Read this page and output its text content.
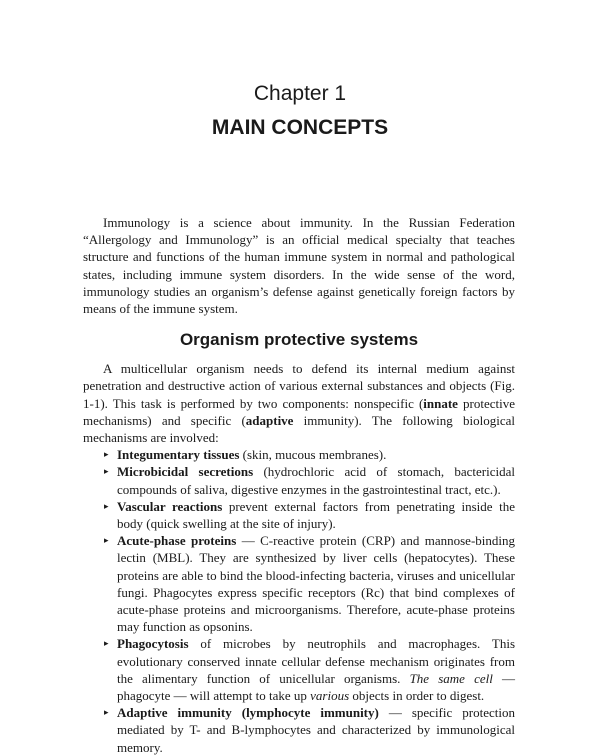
Chapter 1
MAIN CONCEPTS

Immunology is a science about immunity. In the Russian Federation “Allergology and Immunology” is an official medical specialty that teaches structure and functions of the human immune system in normal and pathological states, including immune system disorders. In the wide sense of the word, immunology studies an organism’s defense against genetically foreign factors by means of the immune system.

Organism protective systems

A multicellular organism needs to defend its internal medium against penetration and destructive action of various external substances and objects (Fig. 1-1). This task is performed by two components: nonspecific (innate protective mechanisms) and specific (adaptive immunity). The following biological mechanisms are involved:

▸ Integumentary tissues (skin, mucous membranes).
▸ Microbicidal secretions (hydrochloric acid of stomach, bactericidal compounds of saliva, digestive enzymes in the gastrointestinal tract, etc.).
▸ Vascular reactions prevent external factors from penetrating inside the body (quick swelling at the site of injury).
▸ Acute-phase proteins — C-reactive protein (CRP) and mannose-binding lectin (MBL). They are synthesized by liver cells (hepatocytes). These proteins are able to bind the blood-infecting bacteria, viruses and unicellular fungi. Phagocytes express specific receptors (Rc) that bind complexes of acute-phase proteins and microorganisms. Therefore, acute-phase proteins may function as opsonins.
▸ Phagocytosis of microbes by neutrophils and macrophages. This evolutionary conserved innate cellular defense mechanism originates from the alimentary function of unicellular organisms. The same cell — phagocyte — will attempt to take up various objects in order to digest.
▸ Adaptive immunity (lymphocyte immunity) — specific protection mediated by T- and B-lymphocytes and characterized by immunological memory.
